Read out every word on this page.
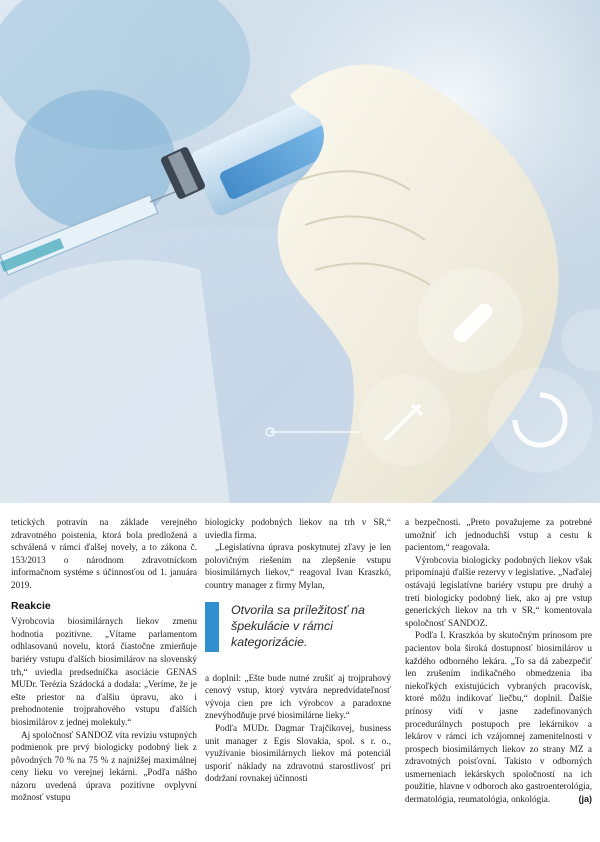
tetických potravín na základe verejného zdravotného poistenia, ktorá bola predložená a schválená v rámci ďalšej novely, a to zákona č. 153/2013 o národnom zdravotníckom informačnom systéme s účinnosťou od 1. januára 2019.

Reakcie

Výrobcovia biosimilárnych liekov zmenu hodnotia pozitívne. „Vítame parlamentom odhlasovanú novelu, ktorá čiastočne zmierňuje bariéry vstupu ďalších biosimilárov na slovenský trh,“ uviedla predsedníčka asociácie GENAS MUDr. Terézia Szádocká a dodala: „Veríme, že je ešte priestor na ďalšiu úpravu, ako i prehodnotenie trojprahového vstupu ďalších biosimilárov z jednej molekuly.“

Aj spoločnosť SANDOZ víta revíziu vstupných podmienok pre prvý biologicky podobný liek z pôvodných 70 % na 75 % z najnižšej maximálnej ceny lieku vo verejnej lekárni. „Podľa nášho názoru uvedená úprava pozitívne ovplyvní možnosť vstupu

biologicky podobných liekov na trh v SR,“ uviedla firma.

„Legislatívna úprava poskytnutej zľavy je len polovičným riešením na zlepšenie vstupu biosimilárnych liekov,“ reagoval Ivan Kraszkó, country manager z firmy Mylan,

Otvorila sa príležitosť na špekulácie v rámci kategorizácie.

a doplnil: „Ešte bude nutné zrušiť aj trojprahový cenový vstup, ktorý vytvára nepredvídateľnosť vývoja cien pre ich výrobcov a paradoxne znevýhodňuje prvé biosimilárne lieky.“

Podľa MUDr. Dagmar Trajčíkovej, business unit manager z Egis Slovakia, spol. s r. o., využívanie biosimilárnych liekov má potenciál usporiť náklady na zdravotnú starostlivosť pri dodržaní rovnakej účinnosti

a bezpečnosti. „Preto považujeme za potrebné umožniť ich jednoduchší vstup a cestu k pacientom,“ reagovala.

Výrobcovia biologicky podobných liekov však pripomínajú ďalšie rezervy v legislatíve. „Naďalej ostávajú legislatívne bariéry vstupu pre druhý a tretí biologicky podobný liek, ako aj pre vstup generických liekov na trh v SR,“ komentovala spoločnosť SANDOZ.

Podľa I. Kraszkóa by skutočným prínosom pre pacientov bola široká dostupnosť biosimilárov u každého odborného lekára. „To sa dá zabezpečiť len zrušením indikačného obmedzenia iba niekoľkých existujúcich vybraných pracovísk, ktoré môžu indikovať liečbu,“ doplnil. Ďalšie prínosy vidí v jasne zadefinovaných procedurálnych postupoch pre lekárnikov a lekárov v rámci ich vzájomnej zamenitelnosti v prospech biosimilárnych liekov zo strany MZ a zdravotných poisťovní. Takisto v odborných usmerneniach lekárskych spoločností na ich použitie, hlavne v odboroch ako gastroenterológia, dermatológia, reumatológia, onkológia.	(ja)
